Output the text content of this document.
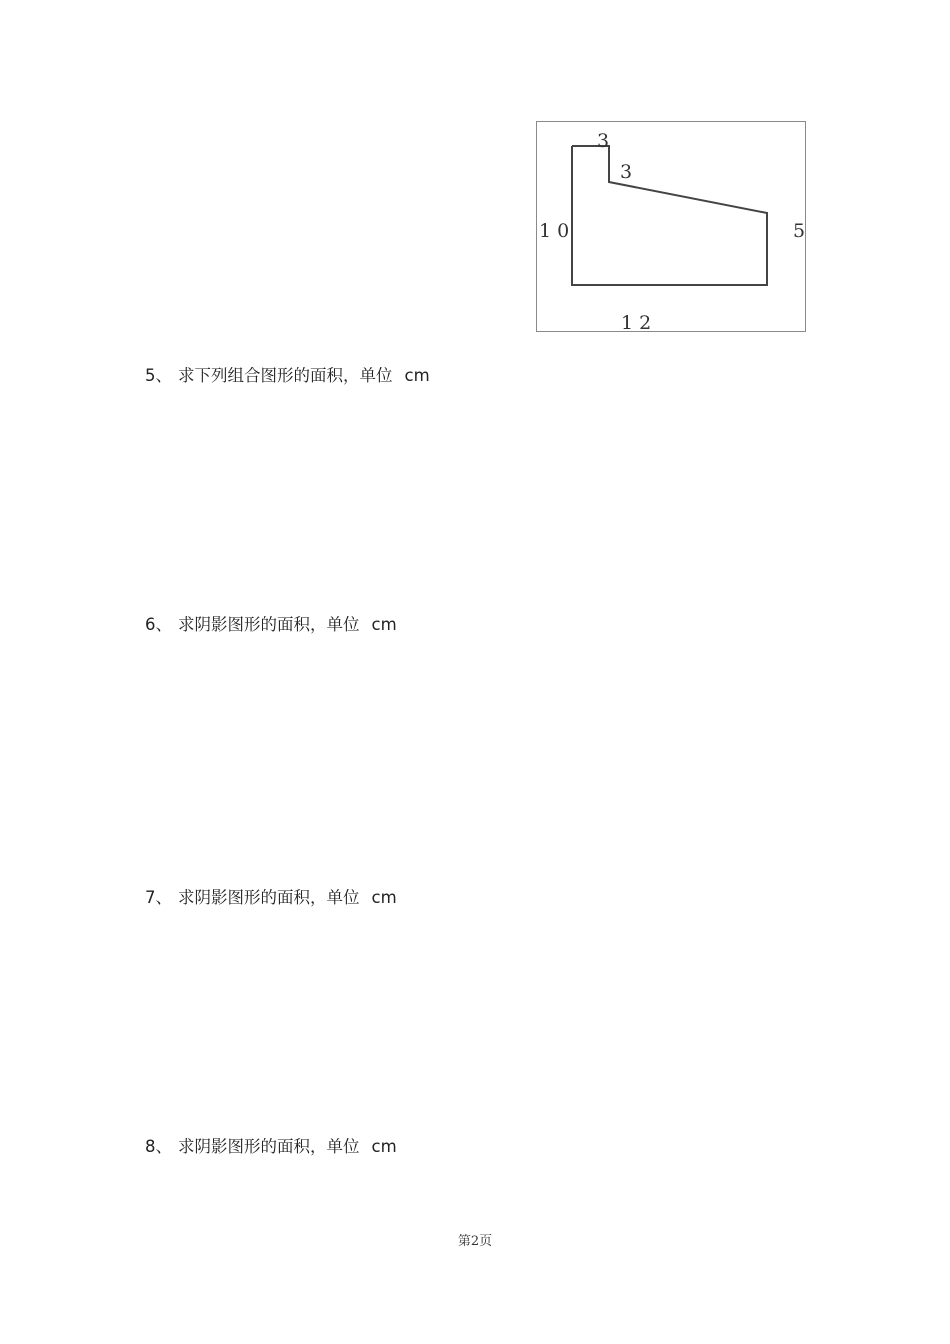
3
3
1 0	5
1 2
5、 求下列组合图形的面积，单位 cm
6、 求阴影图形的面积，单位 cm
7、 求阴影图形的面积，单位 cm
8、 求阴影图形的面积，单位 cm
第2页
